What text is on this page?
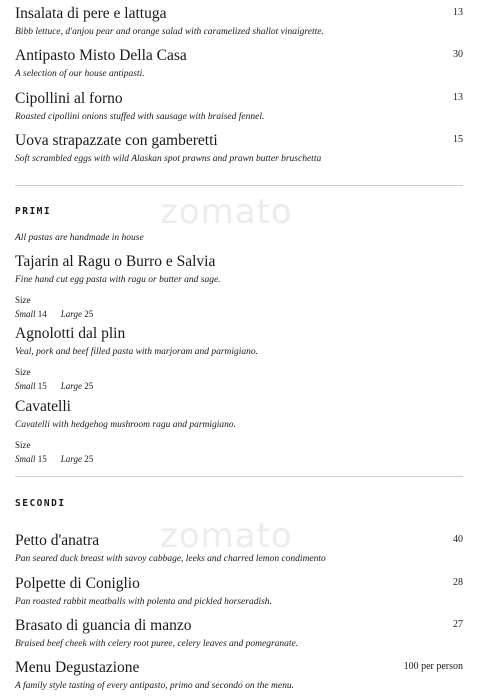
zomato
zomato
Insalata di pere e lattuga	13
Bibb lettuce, d'anjou pear and orange salad with caramelized shallot vinaigrette.
Antipasto Misto Della Casa	30
A selection of our house antipasti.
Cipollini al forno	13
Roasted cipollini onions stuffed with sausage with braised fennel.
Uova strapazzate con gamberetti	15
Soft scrambled eggs with wild Alaskan spot prawns and prawn butter bruschetta
PRIMI
All pastas are handmade in house
Tajarin al Ragu o Burro e Salvia
Fine hand cut egg pasta with ragu or butter and sage.
Size
Small 14 Large 25
Agnolotti dal plin
Veal, pork and beef filled pasta with marjoram and parmigiano.
Size
Small 15 Large 25
Cavatelli
Cavatelli with hedgehog mushroom ragu and parmigiano.
Size
Small 15 Large 25
SECONDI
Petto d'anatra	40
Pan seared duck breast with savoy cabbage, leeks and charred lemon condimento
Polpette di Coniglio	28
Pan roasted rabbit meatballs with polenta and pickled horseradish.
Brasato di guancia di manzo	27
Braised beef cheek with celery root puree, celery leaves and pomegranate.
Menu Degustazione	100 per person
A family style tasting of every antipasto, primo and secondo on the menu.
